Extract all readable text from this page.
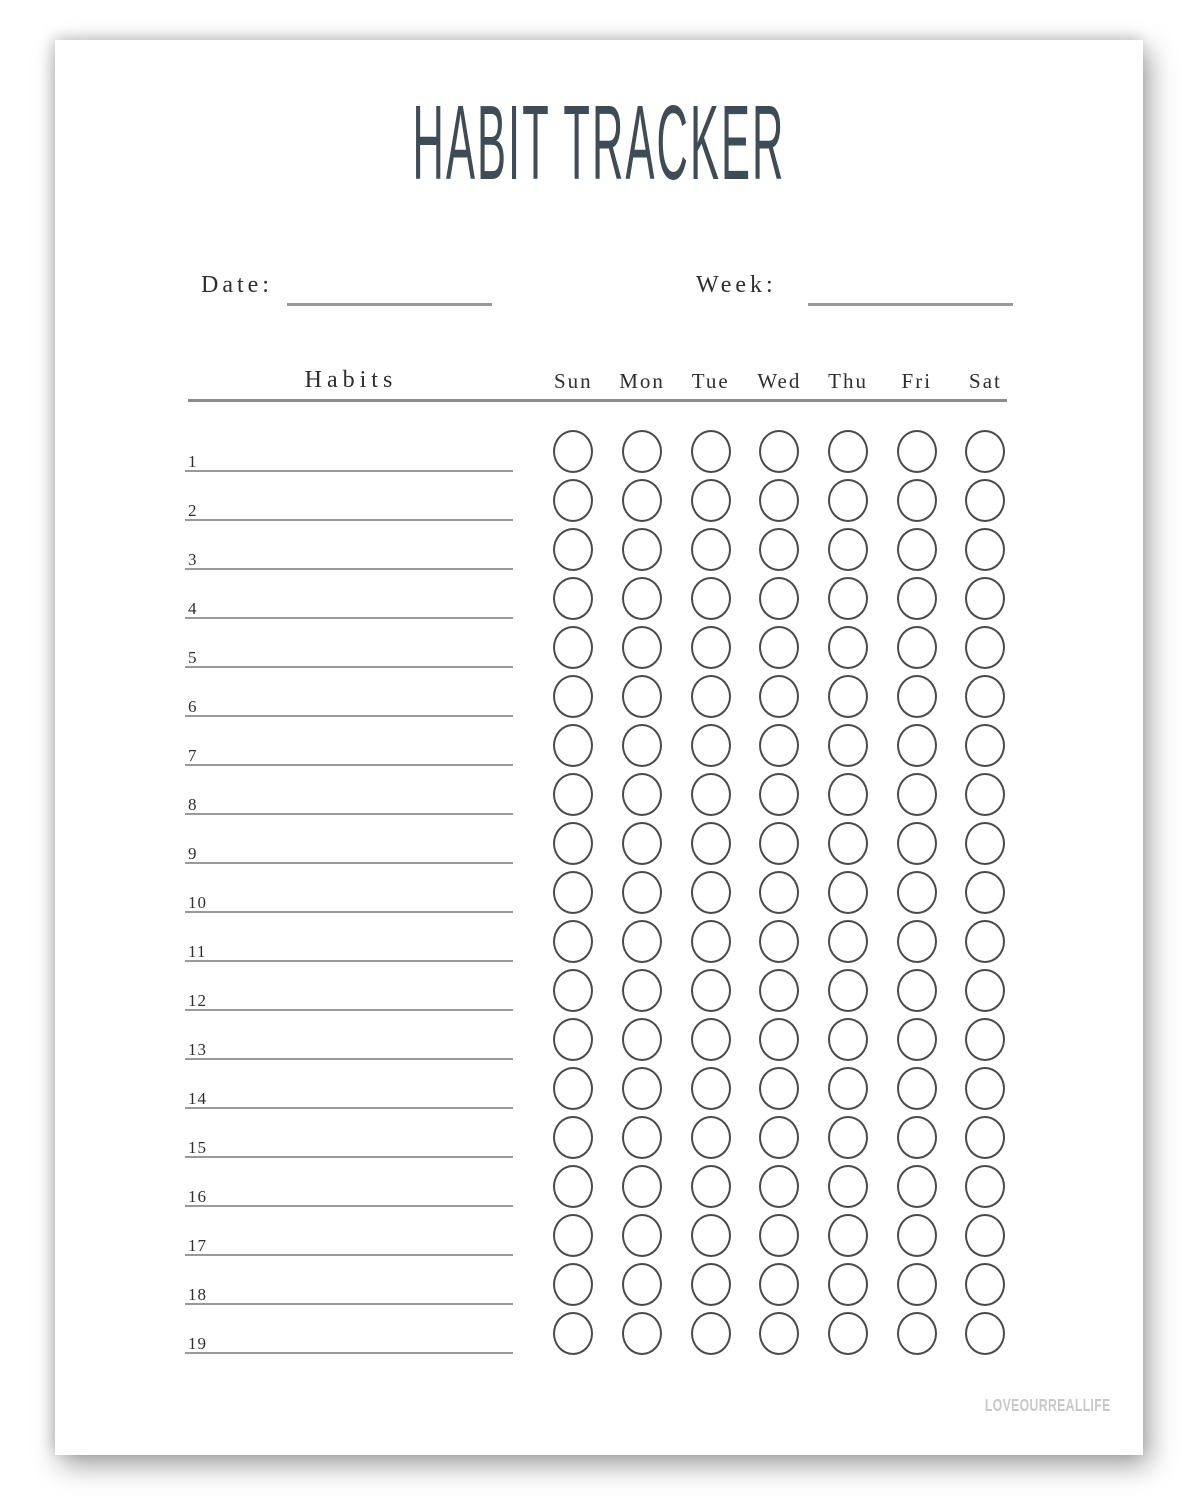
HABIT TRACKER
Date:	Week:
Habits	Sun	Mon	Tue	Wed	Thu	Fri	Sat
1
2
3
4
5
6
7
8
9
10
11
12
13
14
15
16
17
18
19
LOVEOURREALLIFE
